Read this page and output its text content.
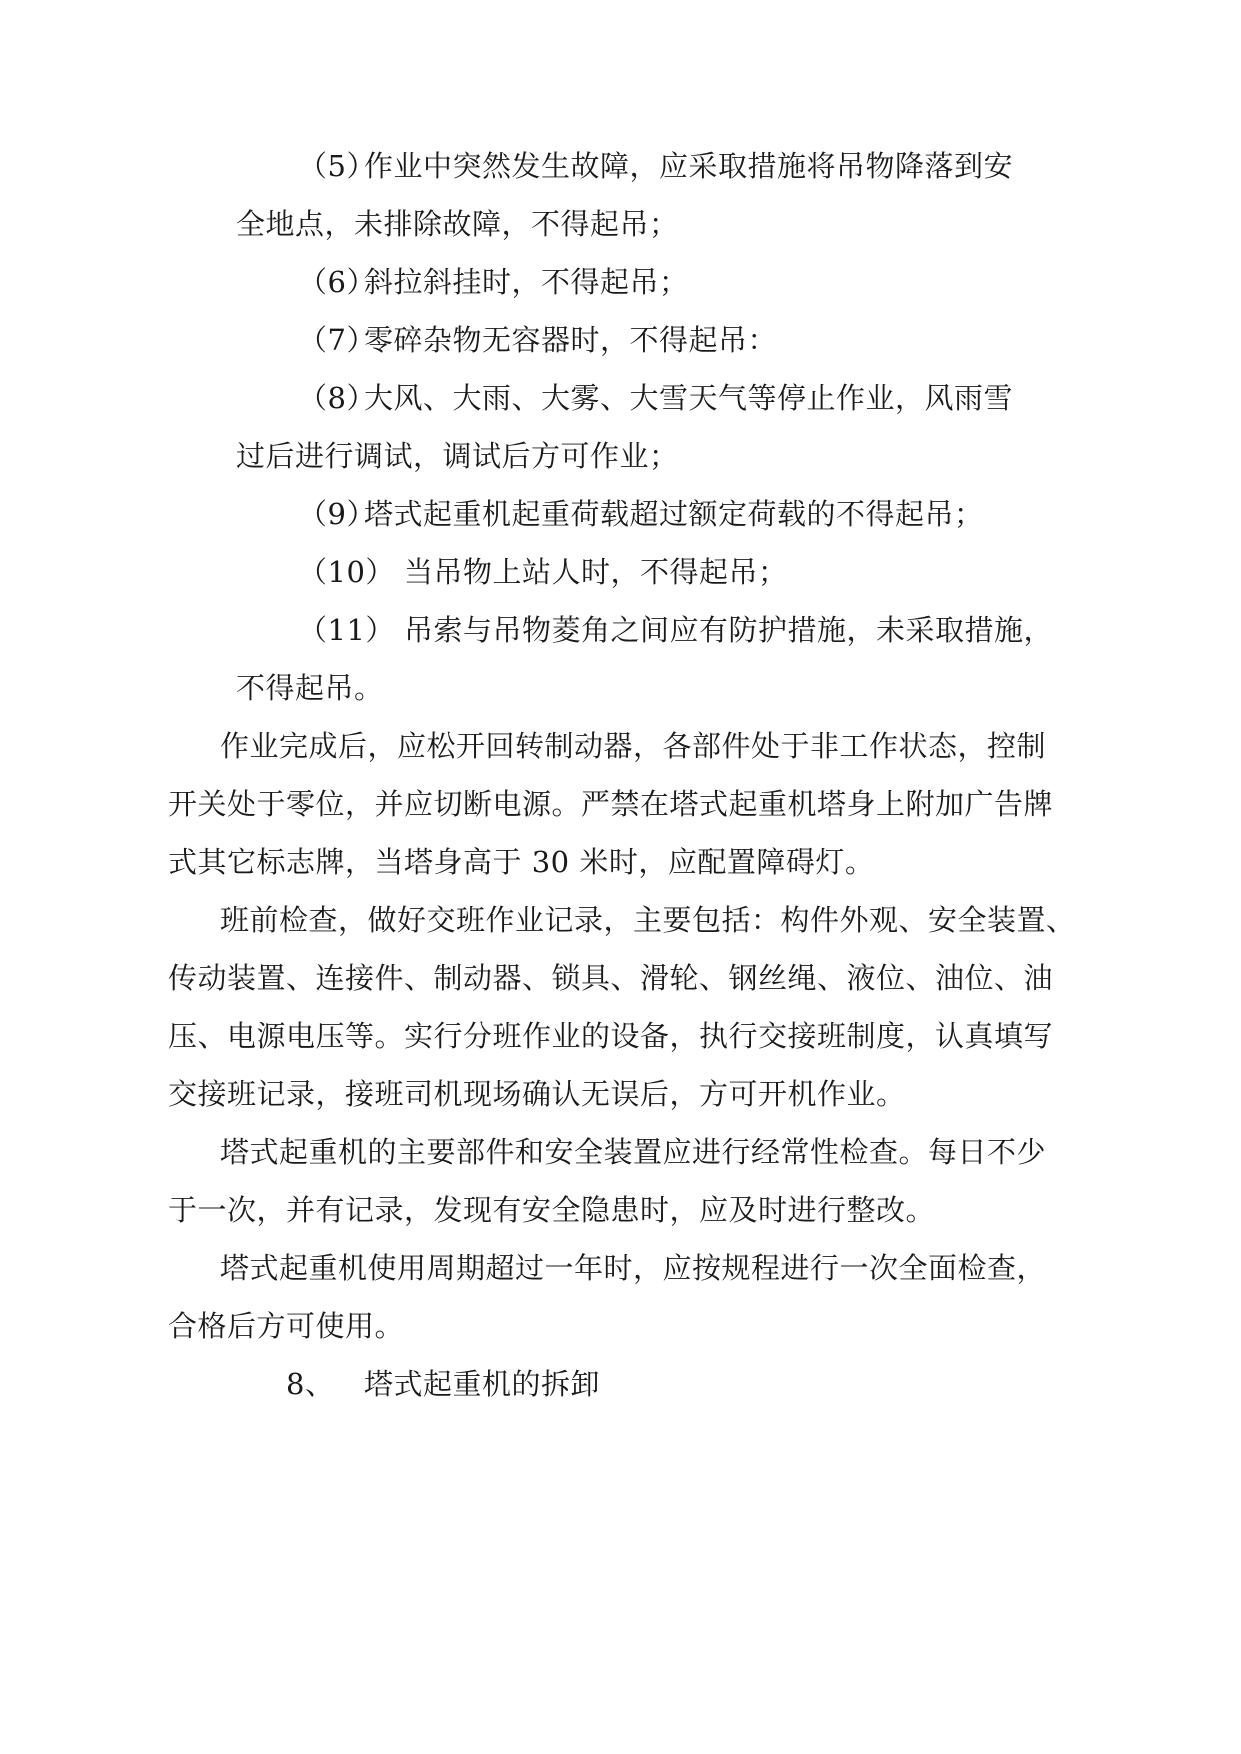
（5）作业中突然发生故障，应采取措施将吊物降落到安
全地点，未排除故障，不得起吊；
（6）斜拉斜挂时，不得起吊；
（7）零碎杂物无容器时，不得起吊：
（8）大风、大雨、大雾、大雪天气等停止作业，风雨雪
过后进行调试，调试后方可作业；
（9）塔式起重机起重荷载超过额定荷载的不得起吊；
（10） 当吊物上站人时，不得起吊；
（11） 吊索与吊物菱角之间应有防护措施，未采取措施，
不得起吊。
作业完成后，应松开回转制动器，各部件处于非工作状态，控制
开关处于零位，并应切断电源。严禁在塔式起重机塔身上附加广告牌
式其它标志牌，当塔身高于 30 米时，应配置障碍灯。
班前检查，做好交班作业记录，主要包括：构件外观、安全装置、
传动装置、连接件、制动器、锁具、滑轮、钢丝绳、液位、油位、油
压、电源电压等。实行分班作业的设备，执行交接班制度，认真填写
交接班记录，接班司机现场确认无误后，方可开机作业。
塔式起重机的主要部件和安全装置应进行经常性检查。每日不少
于一次，并有记录，发现有安全隐患时，应及时进行整改。
塔式起重机使用周期超过一年时，应按规程进行一次全面检查，
合格后方可使用。
8、 塔式起重机的拆卸
